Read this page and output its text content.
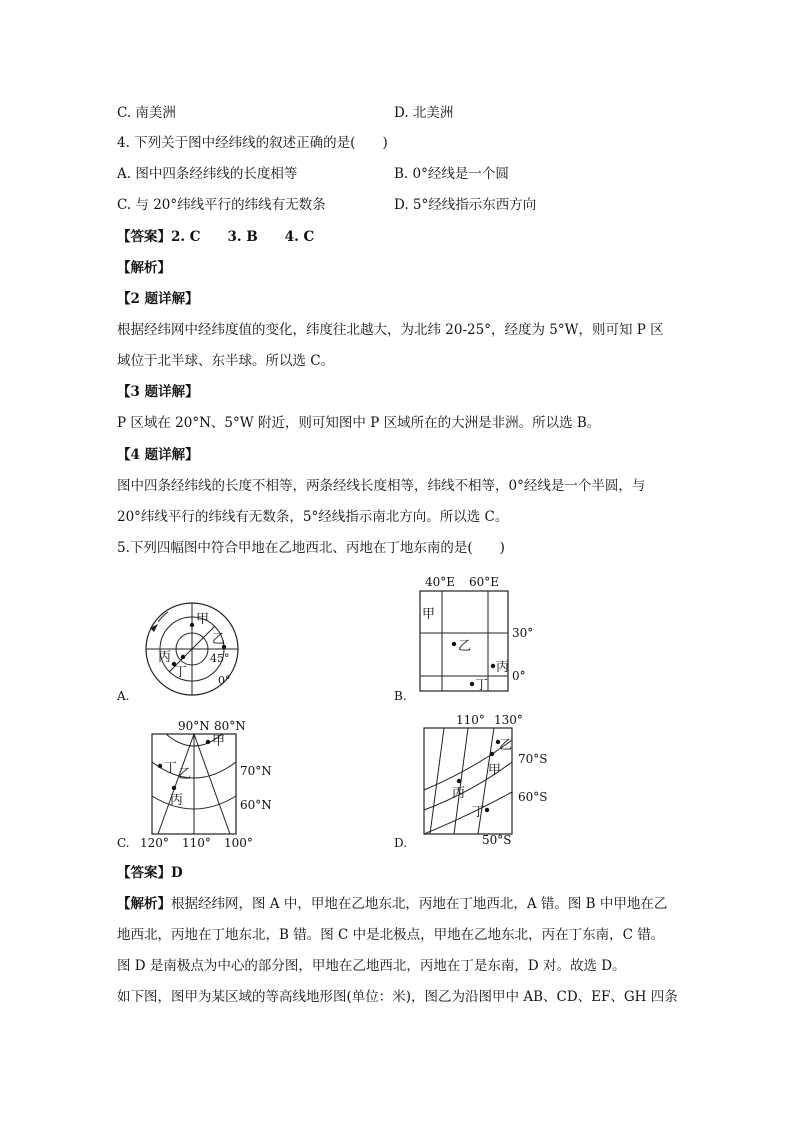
C. 南美洲	D. 北美洲
4. 下列关于图中经纬线的叙述正确的是(　　)
A. 图中四条经纬线的长度相等	B. 0°经线是一个圆
C. 与 20°纬线平行的纬线有无数条	D. 5°经线指示东西方向
【答案】2. C　　3. B　　4. C
【解析】
【2 题详解】
根据经纬网中经纬度值的变化，纬度往北越大，为北纬 20-25°，经度为 5°W，则可知 P 区
域位于北半球、东半球。所以选 C。
【3 题详解】
P 区域在 20°N、5°W 附近，则可知图中 P 区域所在的大洲是非洲。所以选 B。
【4 题详解】
图中四条经纬线的长度不相等，两条经线长度相等，纬线不相等，0°经线是一个半圆，与
20°纬线平行的纬线有无数条，5°经线指示南北方向。所以选 C。
5.下列四幅图中符合甲地在乙地西北、丙地在丁地东南的是(　　)
甲
乙
丙
丁
45°
0°
A.
40°E 60°E
30°
0°
甲
乙
丙
丁
B.
90°N 80°N
70°N
60°N
120° 110° 100°
甲
丁 乙
丙
C.
110° 130°
70°S
60°S
50°S
乙
甲
丙
丁
D.
【答案】D
【解析】根据经纬网，图 A 中，甲地在乙地东北，丙地在丁地西北，A 错。图 B 中甲地在乙
地西北，丙地在丁地东北，B 错。图 C 中是北极点，甲地在乙地东北，丙在丁东南，C 错。
图 D 是南极点为中心的部分图，甲地在乙地西北，丙地在丁是东南，D 对。故选 D。
如下图，图甲为某区域的等高线地形图(单位：米)，图乙为沿图甲中 AB、CD、EF、GH 四条
